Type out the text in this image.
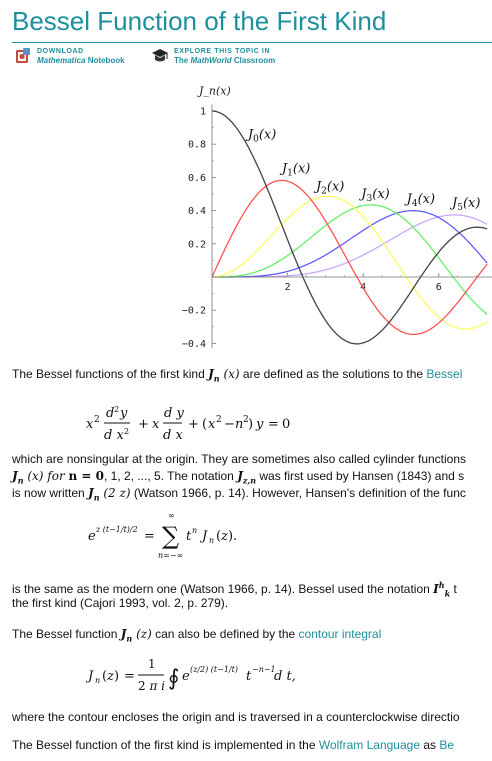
Bessel Function of the First Kind
DOWNLOAD
Mathematica Notebook
EXPLORE THIS TOPIC IN
The MathWorld Classroom
2	4	6
1
0.8
0.6
0.4
0.2
−0.2
−0.4
J_n(x)
$J_0(x)$
$J_1(x)$
$J_2(x)$
$J_3(x)$ $J_4(x)$ $J_5(x)$

The Bessel functions of the first kind $J_n$ (x) are defined as the solutions to the Bessel

x 2 d 2 y
d x 2 + x
d y
d x
+ ( x 2 − n 2 ) y = 0

which are nonsingular at the origin. They are sometimes also called cylinder functions

$J_n$ (x) for n = 0, 1, 2, ..., 5. The notation $J_{z,n}$ was first used by Hansen (1843) and s

is now written $J_n$ (2 z) (Watson 1966, p. 14). However, Hansen's definition of the func

e z (t−1/t)/2 =
∞
∑
n=−∞
t n J n (z).

is the same as the modern one (Watson 1966, p. 14). Bessel used the notation $I^h_k$ t

the first kind (Cajori 1993, vol. 2, p. 279).

The Bessel function $J_n$ (z) can also be defined by the contour integral

J n (z) =
1
2 π i ∮ e (z/2) (t−1/t) t −n−1
d t,

where the contour encloses the origin and is traversed in a counterclockwise directio

The Bessel function of the first kind is implemented in the Wolfram Language as Be
